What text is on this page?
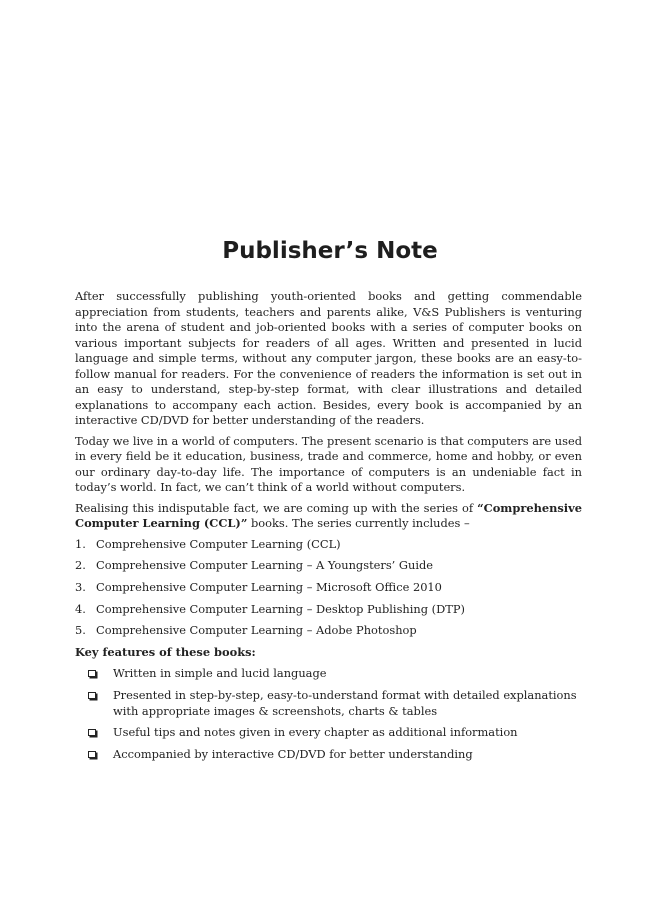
Publisher’s Note

After successfully publishing youth-oriented books and getting commendable appreciation from students, teachers and parents alike, V&S Publishers is venturing into the arena of student and job-oriented books with a series of computer books on various important subjects for readers of all ages. Written and presented in lucid language and simple terms, without any computer jargon, these books are an easy-to-follow manual for readers. For the convenience of readers the information is set out in an easy to understand, step-by-step format, with clear illustrations and detailed explanations to accompany each action. Besides, every book is accompanied by an interactive CD/DVD for better understanding of the readers.

Today we live in a world of computers. The present scenario is that computers are used in every field be it education, business, trade and commerce, home and hobby, or even our ordinary day-to-day life. The importance of computers is an undeniable fact in today’s world. In fact, we can’t think of a world without computers.

Realising this indisputable fact, we are coming up with the series of “Comprehensive Computer Learning (CCL)” books. The series currently includes –

1. Comprehensive Computer Learning (CCL)
2. Comprehensive Computer Learning – A Youngsters’ Guide
3. Comprehensive Computer Learning – Microsoft Office 2010
4. Comprehensive Computer Learning – Desktop Publishing (DTP)
5. Comprehensive Computer Learning – Adobe Photoshop
Key features of these books:
Written in simple and lucid language
Presented in step-by-step, easy-to-understand format with detailed explanations with appropriate images & screenshots, charts & tables
Useful tips and notes given in every chapter as additional information
Accompanied by interactive CD/DVD for better understanding
